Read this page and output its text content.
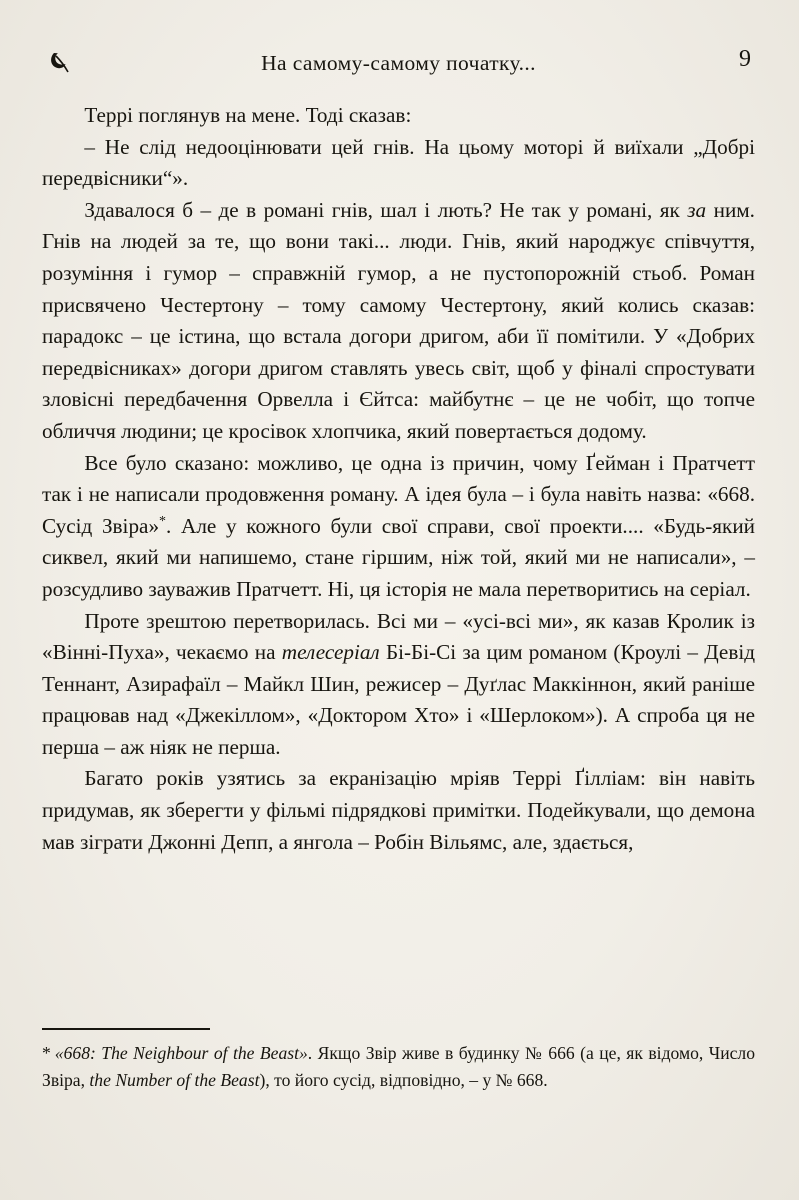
На самому-самому початку...	9

Террі поглянув на мене. Тоді сказав:

– Не слід недооцінювати цей гнів. На цьому моторі й виїхали „Добрі передвісники“».

Здавалося б – де в романі гнів, шал і лють? Не так у романі, як за ним. Гнів на людей за те, що вони такі... люди. Гнів, який народжує співчуття, розуміння і гумор – справжній гумор, а не пустопорожній стьоб. Роман присвячено Честертону – тому самому Честертону, який колись сказав: парадокс – це істина, що встала догори дригом, аби її помітили. У «Добрих передвісниках» догори дригом ставлять увесь світ, щоб у фіналі спростувати зловісні передбачення Орвелла і Єйтса: майбутнє – це не чобіт, що топче обличчя людини; це кросівок хлопчика, який повертається додому.

Все було сказано: можливо, це одна із причин, чому Ґейман і Пратчетт так і не написали продовження роману. А ідея була – і була навіть назва: «668. Сусід Звіра»*. Але у кожного були свої справи, свої проекти.... «Будь-який сиквел, який ми напишемо, стане гіршим, ніж той, який ми не написали», – розсудливо зауважив Пратчетт. Ні, ця історія не мала перетворитись на серіал.

Проте зрештою перетворилась. Всі ми – «усі-всі ми», як казав Кролик із «Вінні-Пуха», чекаємо на телесеріал Бі-Бі-Сі за цим романом (Кроулі – Девід Теннант, Азирафаїл – Майкл Шин, режисер – Дуґлас Маккіннон, який раніше працював над «Джекіллом», «Доктором Хто» і «Шерлоком»). А спроба ця не перша – аж ніяк не перша.

Багато років узятись за екранізацію мріяв Террі Ґілліам: він навіть придумав, як зберегти у фільмі підрядкові примітки. Подейкували, що демона мав зіграти Джонні Депп, а янгола – Робін Вільямс, але, здається,

* «668: The Neighbour of the Beast». Якщо Звір живе в будинку № 666 (а це, як відомо, Число Звіра, the Number of the Beast), то його сусід, відповідно, – у № 668.
